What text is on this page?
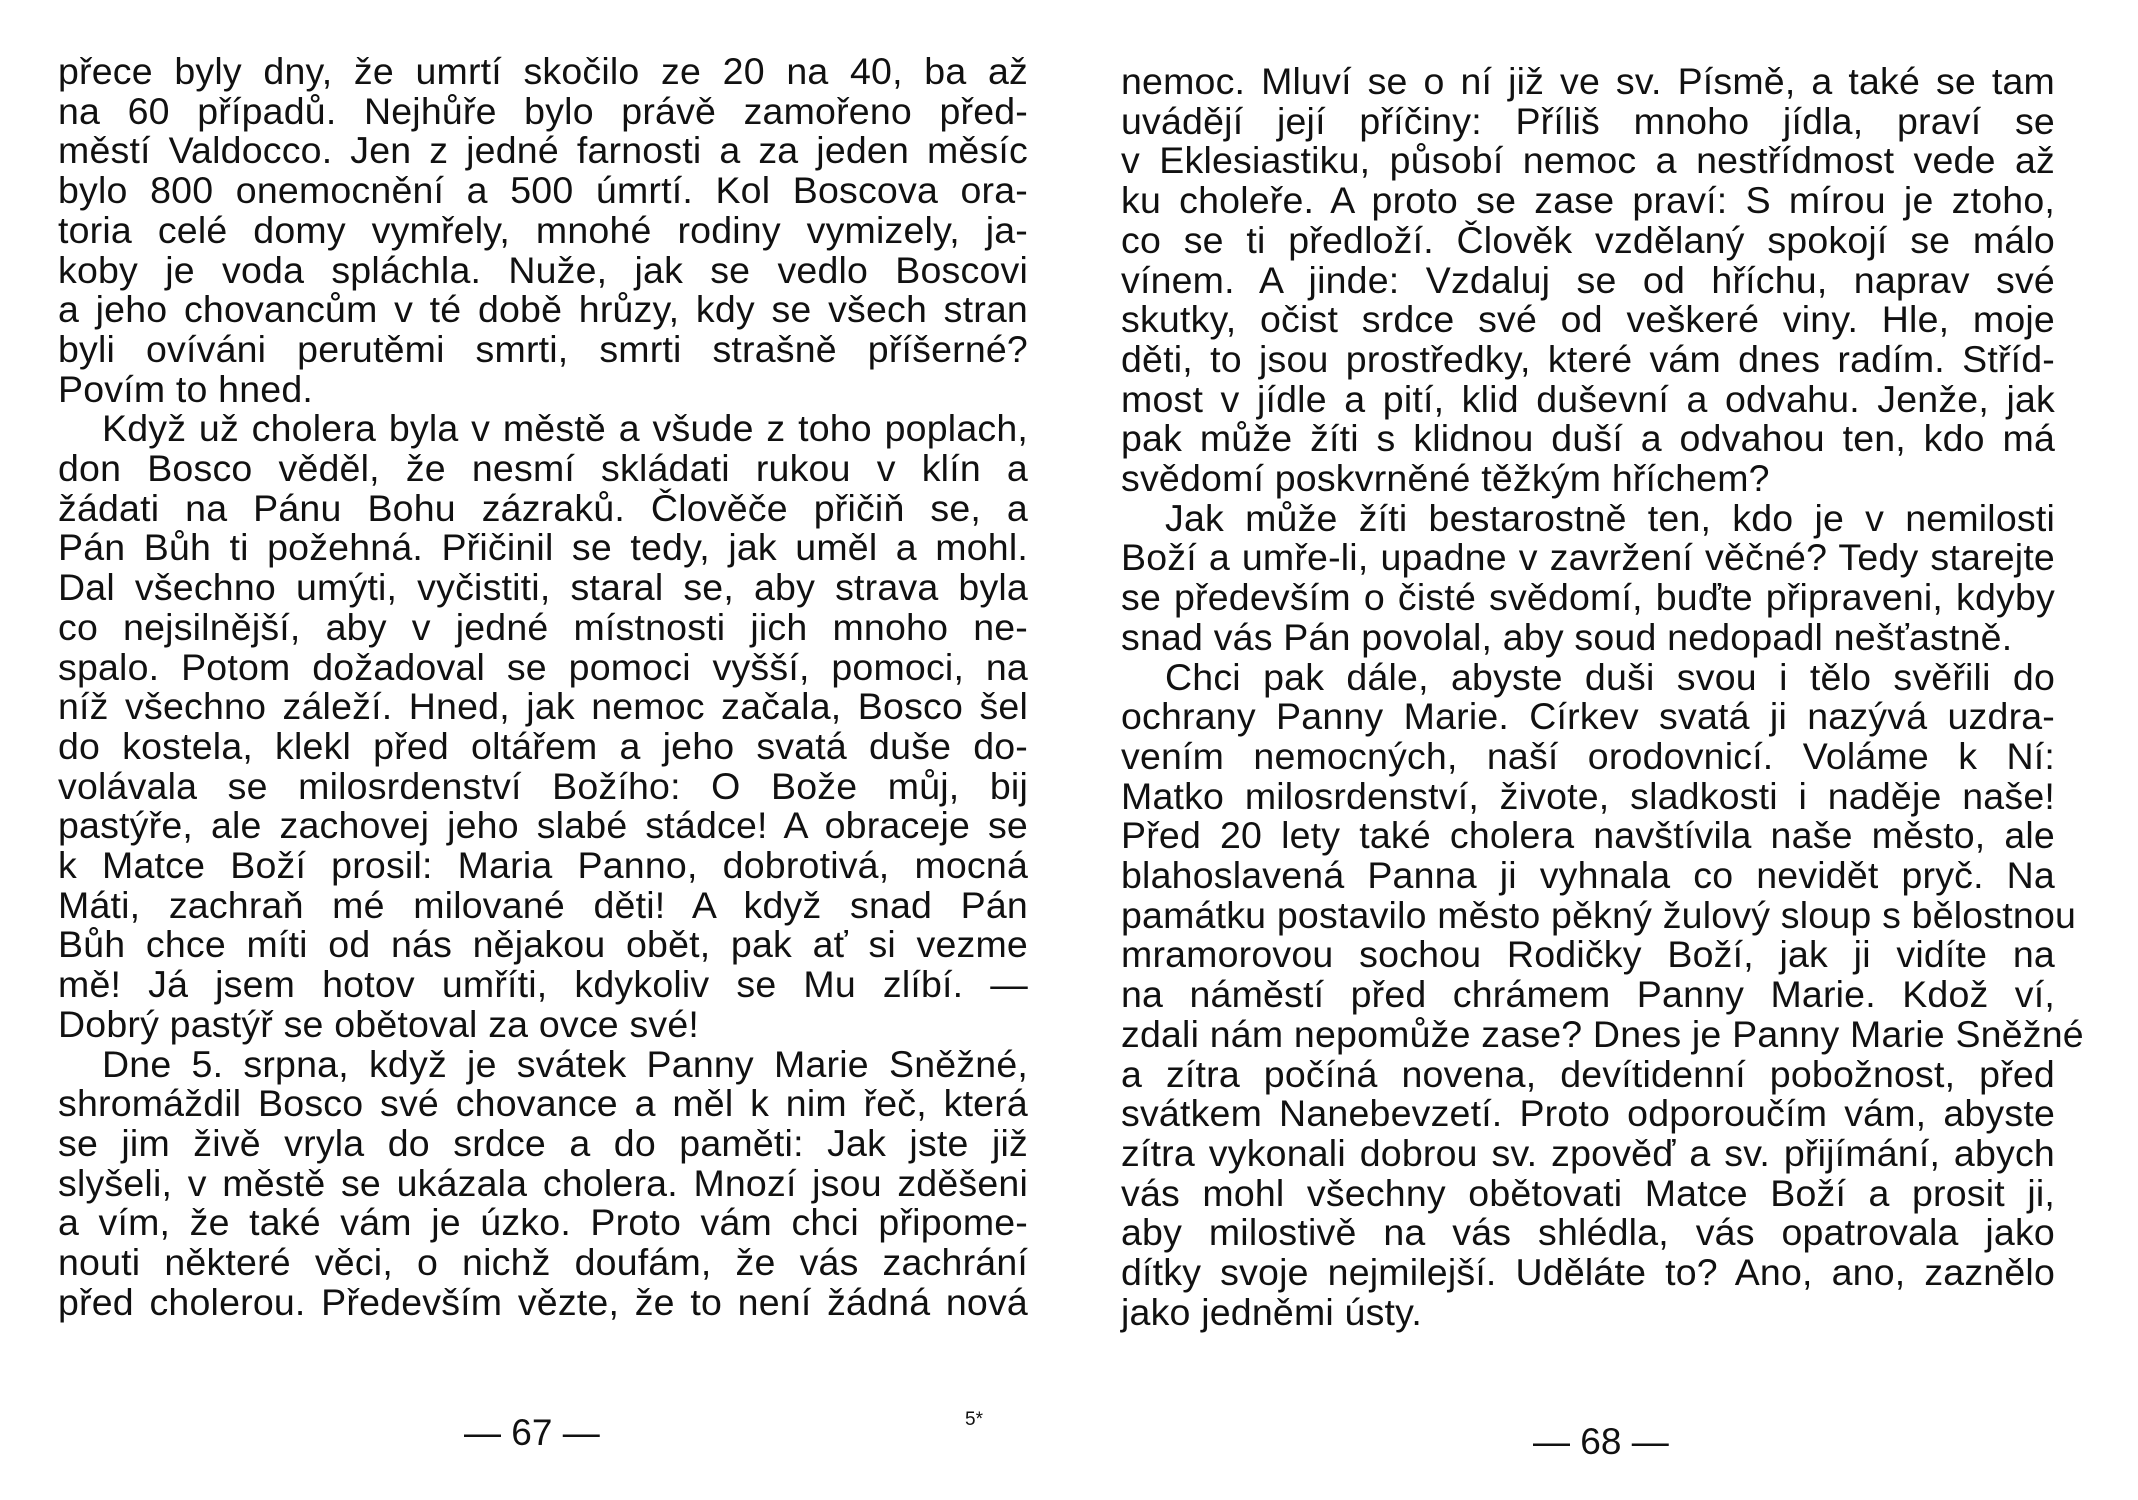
přece byly dny, že umrtí skočilo ze 20 na 40, ba až
na 60 případů. Nejhůře bylo právě zamořeno před-
městí Valdocco. Jen z jedné farnosti a za jeden měsíc
bylo 800 onemocnění a 500 úmrtí. Kol Boscova ora-
toria celé domy vymřely, mnohé rodiny vymizely, ja-
koby je voda spláchla. Nuže, jak se vedlo Boscovi
a jeho chovancům v té době hrůzy, kdy se všech stran
byli ovíváni perutěmi smrti, smrti strašně příšerné?
Povím to hned.
Když už cholera byla v městě a všude z toho poplach,
don Bosco věděl, že nesmí skládati rukou v klín a
žádati na Pánu Bohu zázraků. Člověče přičiň se, a
Pán Bůh ti požehná. Přičinil se tedy, jak uměl a mohl.
Dal všechno umýti, vyčistiti, staral se, aby strava byla
co nejsilnější, aby v jedné místnosti jich mnoho ne-
spalo. Potom dožadoval se pomoci vyšší, pomoci, na
níž všechno záleží. Hned, jak nemoc začala, Bosco šel
do kostela, klekl před oltářem a jeho svatá duše do-
volávala se milosrdenství Božího: O Bože můj, bij
pastýře, ale zachovej jeho slabé stádce! A obraceje se
k Matce Boží prosil: Maria Panno, dobrotivá, mocná
Máti, zachraň mé milované děti! A když snad Pán
Bůh chce míti od nás nějakou obět, pak ať si vezme
mě! Já jsem hotov umříti, kdykoliv se Mu zlíbí. —
Dobrý pastýř se obětoval za ovce své!
Dne 5. srpna, když je svátek Panny Marie Sněžné,
shromáždil Bosco své chovance a měl k nim řeč, která
se jim živě vryla do srdce a do paměti: Jak jste již
slyšeli, v městě se ukázala cholera. Mnozí jsou zděšeni
a vím, že také vám je úzko. Proto vám chci připome-
nouti některé věci, o nichž doufám, že vás zachrání
před cholerou. Především vězte, že to není žádná nová
— 67 —	5*
nemoc. Mluví se o ní již ve sv. Písmě, a také se tam
uvádějí její příčiny: Příliš mnoho jídla, praví se
v Eklesiastiku, působí nemoc a nestřídmost vede až
ku choleře. A proto se zase praví: S mírou je ztoho,
co se ti předloží. Člověk vzdělaný spokojí se málo
vínem. A jinde: Vzdaluj se od hříchu, naprav své
skutky, očist srdce své od veškeré viny. Hle, moje
děti, to jsou prostředky, které vám dnes radím. Stříd-
most v jídle a pití, klid duševní a odvahu. Jenže, jak
pak může žíti s klidnou duší a odvahou ten, kdo má
svědomí poskvrněné těžkým hříchem?
Jak může žíti bestarostně ten, kdo je v nemilosti
Boží a umře-li, upadne v zavržení věčné? Tedy starejte
se především o čisté svědomí, buďte připraveni, kdyby
snad vás Pán povolal, aby soud nedopadl nešťastně.
Chci pak dále, abyste duši svou i tělo svěřili do
ochrany Panny Marie. Církev svatá ji nazývá uzdra-
vením nemocných, naší orodovnicí. Voláme k Ní:
Matko milosrdenství, živote, sladkosti i naděje naše!
Před 20 lety také cholera navštívila naše město, ale
blahoslavená Panna ji vyhnala co nevidět pryč. Na
památku postavilo město pěkný žulový sloup s bělostnou
mramorovou sochou Rodičky Boží, jak ji vidíte na
na náměstí před chrámem Panny Marie. Kdož ví,
zdali nám nepomůže zase? Dnes je Panny Marie Sněžné
a zítra počíná novena, devítidenní pobožnost, před
svátkem Nanebevzetí. Proto odporoučím vám, abyste
zítra vykonali dobrou sv. zpověď a sv. přijímání, abych
vás mohl všechny obětovati Matce Boží a prosit ji,
aby milostivě na vás shlédla, vás opatrovala jako
dítky svoje nejmilejší. Uděláte to? Ano, ano, zaznělo
jako jedněmi ústy.
— 68 —
